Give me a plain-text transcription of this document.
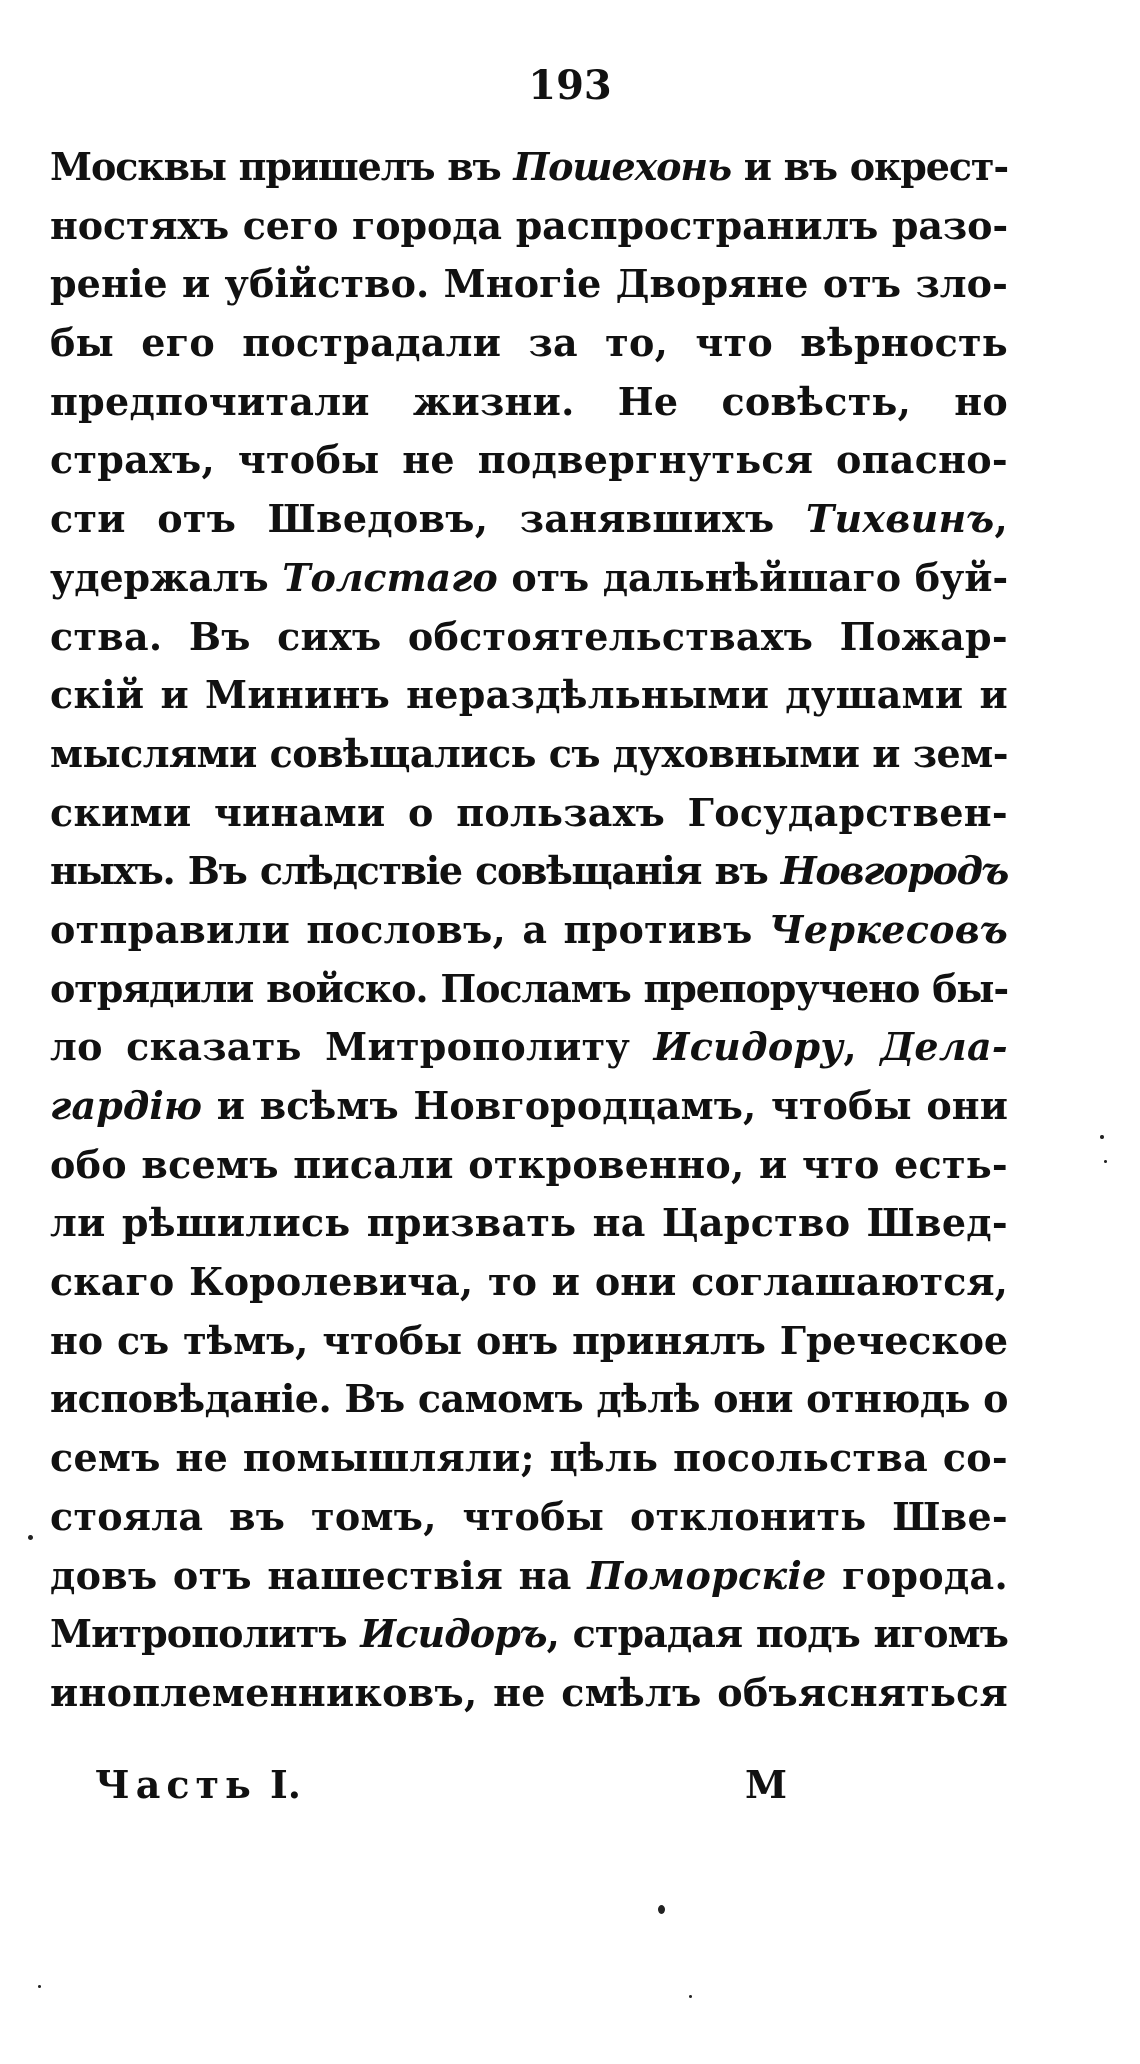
193
Москвы пришелъ въ Пошехонь и въ окрест-
ностяхъ сего города распространилъ разо-
реніе и убійство. Многіе Дворяне отъ зло-
бы его пострадали за то, что вѣрность
предпочитали жизни. Не совѣсть, но
страхъ, чтобы не подвергнуться опасно-
сти отъ Шведовъ, занявшихъ Тихвинъ,
удержалъ Толстаго отъ дальнѣйшаго буй-
ства. Въ сихъ обстоятельствахъ Пожар-
скій и Мининъ нераздѣльными душами и
мыслями совѣщались съ духовными и зем-
скими чинами о пользахъ Государствен-
ныхъ. Въ слѣдствіе совѣщанія въ Новгородъ
отправили пословъ, а противъ Черкесовъ
отрядили войско. Посламъ препоручено бы-
ло сказать Митрополиту Исидору, Дела-
гардію и всѣмъ Новгородцамъ, чтобы они
обо всемъ писали откровенно, и что есть-
ли рѣшились призвать на Царство Швед-
скаго Королевича, то и они соглашаются,
но съ тѣмъ, чтобы онъ принялъ Греческое
исповѣданіе. Въ самомъ дѣлѣ они отнюдь о
семъ не помышляли; цѣль посольства со-
стояла въ томъ, чтобы отклонить Шве-
довъ отъ нашествія на Поморскіе города.
Митрополитъ Исидоръ, страдая подъ игомъ
иноплеменниковъ, не смѣлъ объясняться
Часть I.	М
